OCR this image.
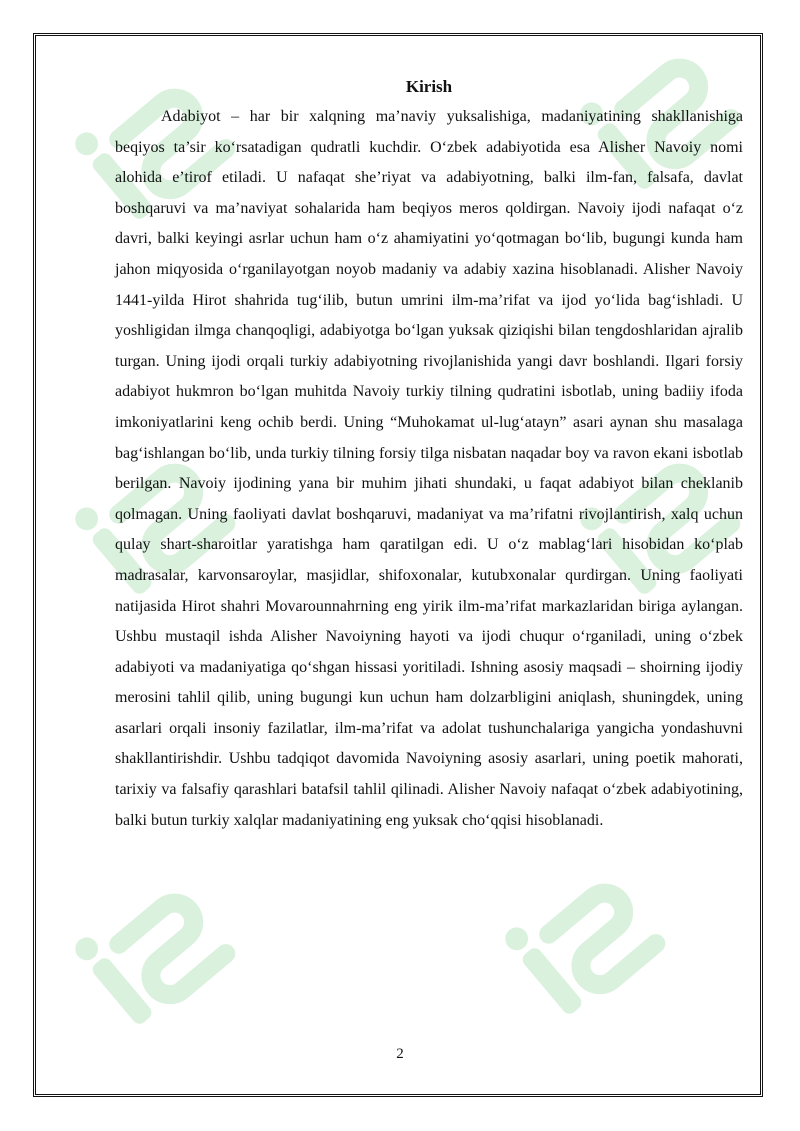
Kirish

Adabiyot – har bir xalqning ma’naviy yuksalishiga, madaniyatining shakllanishiga beqiyos ta’sir ko‘rsatadigan qudratli kuchdir. O‘zbek adabiyotida esa Alisher Navoiy nomi alohida e’tirof etiladi. U nafaqat she’riyat va adabiyotning, balki ilm-fan, falsafa, davlat boshqaruvi va ma’naviyat sohalarida ham beqiyos meros qoldirgan. Navoiy ijodi nafaqat o‘z davri, balki keyingi asrlar uchun ham o‘z ahamiyatini yo‘qotmagan bo‘lib, bugungi kunda ham jahon miqyosida o‘rganilayotgan noyob madaniy va adabiy xazina hisoblanadi. Alisher Navoiy 1441-yilda Hirot shahrida tug‘ilib, butun umrini ilm-ma’rifat va ijod yo‘lida bag‘ishladi. U yoshligidan ilmga chanqoqligi, adabiyotga bo‘lgan yuksak qiziqishi bilan tengdoshlaridan ajralib turgan. Uning ijodi orqali turkiy adabiyotning rivojlanishida yangi davr boshlandi. Ilgari forsiy adabiyot hukmron bo‘lgan muhitda Navoiy turkiy tilning qudratini isbotlab, uning badiiy ifoda imkoniyatlarini keng ochib berdi. Uning “Muhokamat ul-lug‘atayn” asari aynan shu masalaga bag‘ishlangan bo‘lib, unda turkiy tilning forsiy tilga nisbatan naqadar boy va ravon ekani isbotlab berilgan. Navoiy ijodining yana bir muhim jihati shundaki, u faqat adabiyot bilan cheklanib qolmagan. Uning faoliyati davlat boshqaruvi, madaniyat va ma’rifatni rivojlantirish, xalq uchun qulay shart-sharoitlar yaratishga ham qaratilgan edi. U o‘z mablag‘lari hisobidan ko‘plab madrasalar, karvonsaroylar, masjidlar, shifoxonalar, kutubxonalar qurdirgan. Uning faoliyati natijasida Hirot shahri Movarounnahrning eng yirik ilm-ma’rifat markazlaridan biriga aylangan. Ushbu mustaqil ishda Alisher Navoiyning hayoti va ijodi chuqur o‘rganiladi, uning o‘zbek adabiyoti va madaniyatiga qo‘shgan hissasi yoritiladi. Ishning asosiy maqsadi – shoirning ijodiy merosini tahlil qilib, uning bugungi kun uchun ham dolzarbligini aniqlash, shuningdek, uning asarlari orqali insoniy fazilatlar, ilm-ma’rifat va adolat tushunchalariga yangicha yondashuvni shakllantirishdir. Ushbu tadqiqot davomida Navoiyning asosiy asarlari, uning poetik mahorati, tarixiy va falsafiy qarashlari batafsil tahlil qilinadi. Alisher Navoiy nafaqat o‘zbek adabiyotining, balki butun turkiy xalqlar madaniyatining eng yuksak cho‘qqisi hisoblanadi.

2
